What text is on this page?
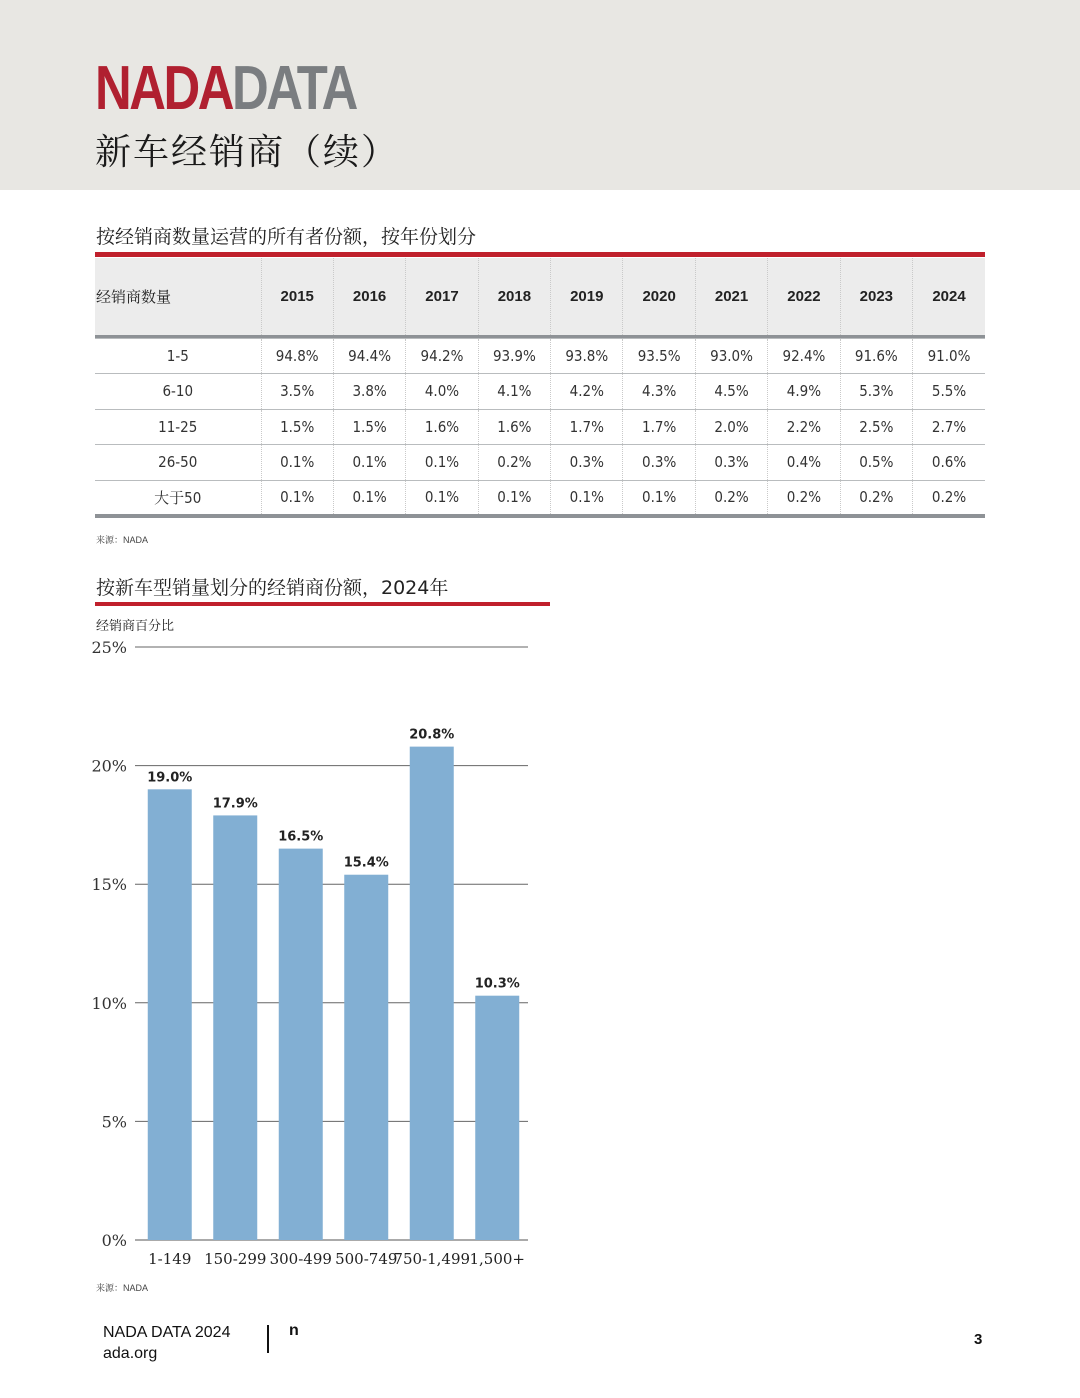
NADADATA
新车经销商（续）
按经销商数量运营的所有者份额，按年份划分
经销商数量	2015	2016	2017	2018	2019	2020	2021	2022	2023	2024

1-5	94.8%	94.4%	94.2%	93.9%	93.8%	93.5%	93.0%	92.4%	91.6%	91.0%
6-10	3.5%	3.8%	4.0%	4.1%	4.2%	4.3%	4.5%	4.9%	5.3%	5.5%
11-25	1.5%	1.5%	1.6%	1.6%	1.7%	1.7%	2.0%	2.2%	2.5%	2.7%
26-50	0.1%	0.1%	0.1%	0.2%	0.3%	0.3%	0.3%	0.4%	0.5%	0.6%
大于50	0.1%	0.1%	0.1%	0.1%	0.1%	0.1%	0.2%	0.2%	0.2%	0.2%
来源：NADA
按新车型销量划分的经销商份额，2024年
经销商百分比
0%
5%
10%
15%
20%
25%
19.0%
1-149
17.9%
150-299
16.5%
300-499
15.4%
500-749
20.8%
750-1,499
10.3%
1,500+
来源：NADA
NADA DATA 2024
ada.org
n
3
